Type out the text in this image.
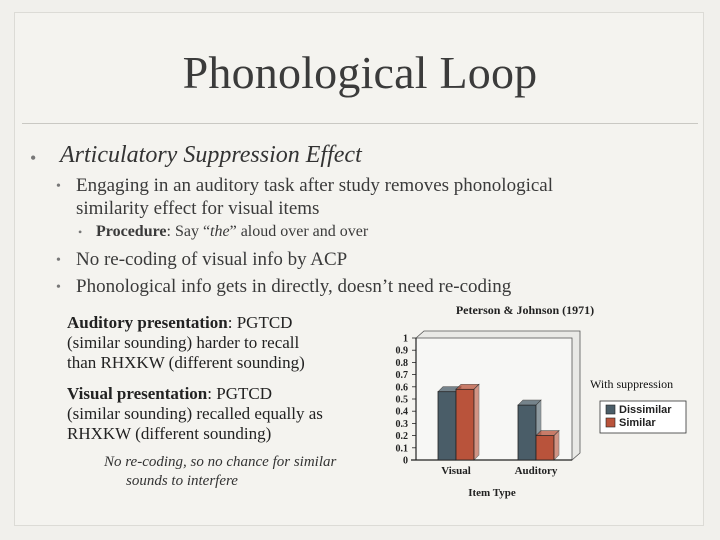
Phonological Loop
• Articulatory Suppression Effect
• Engaging in an auditory task after study removes phonological
similarity effect for visual items
• Procedure: Say “the” aloud over and over
• No re-coding of visual info by ACP
• Phonological info gets in directly, doesn’t need re-coding
Auditory presentation: PGTCD
(similar sounding) harder to recall
than RHXKW (different sounding)
Visual presentation: PGTCD
(similar sounding) recalled equally as
RHXKW (different sounding)
No re-coding, so no chance for similar
sounds to interfere
Peterson & Johnson (1971)
Item Type
0
0.1
0.2
0.3
0.4
0.5
0.6
0.7
0.8
0.9
1
Visual	Auditory
Dissimilar
Similar
With suppression
